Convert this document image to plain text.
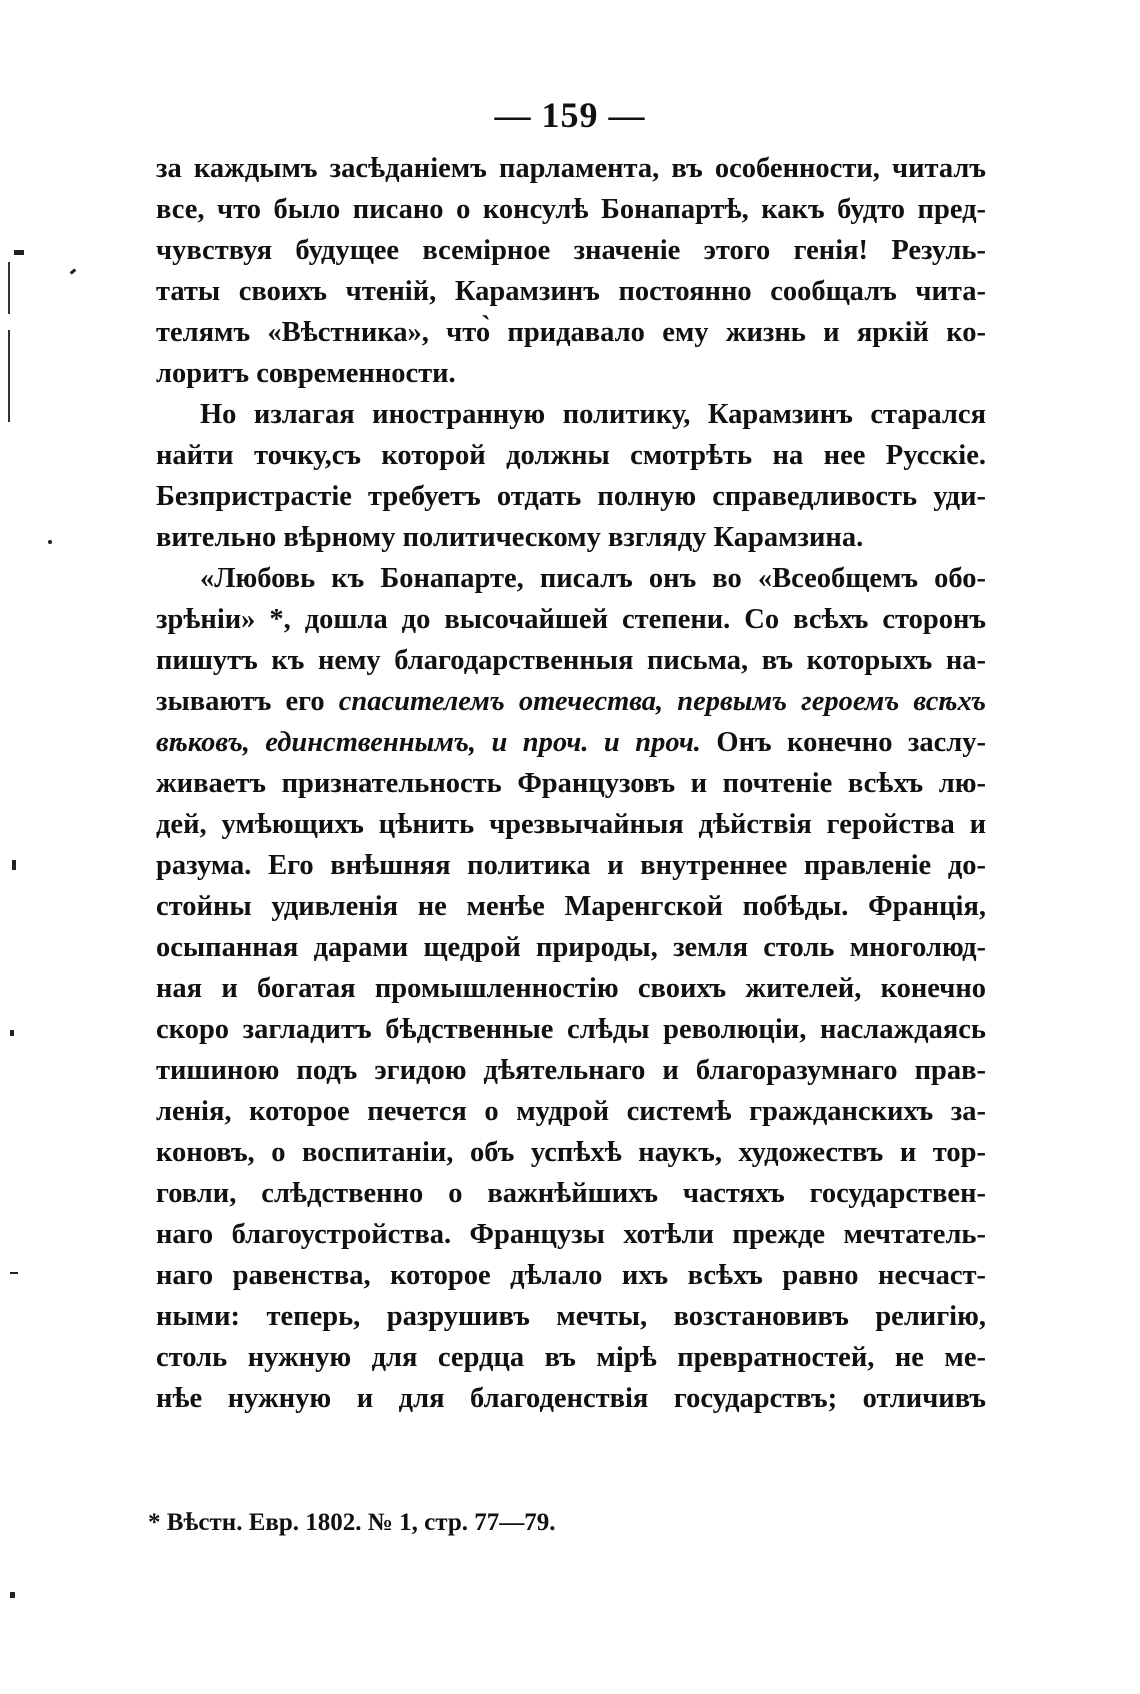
— 159 —
за каждымъ засѣданіемъ парламента, въ особенности, читалъ
все, что было писано о консулѣ Бонапартѣ, какъ будто пред-
чувствуя будущее всемірное значеніе этого генія! Резуль-
таты своихъ чтеній, Карамзинъ постоянно сообщалъ чита-
телямъ «Вѣстника», что̀ придавало ему жизнь и яркій ко-
лоритъ современности.
Но излагая иностранную политику, Карамзинъ старался
найти точку,съ которой должны смотрѣть на нее Русскіе.
Безпристрастіе требуетъ отдать полную справедливость уди-
вительно вѣрному политическому взгляду Карамзина.
«Любовь къ Бонапарте, писалъ онъ во «Всеобщемъ обо-
зрѣніи» *, дошла до высочайшей степени. Со всѣхъ сторонъ
пишутъ къ нему благодарственныя письма, въ которыхъ на-
зываютъ его спасителемъ отечества, первымъ героемъ всѣхъ
вѣковъ, единственнымъ, и проч. и проч. Онъ конечно заслу-
живаетъ признательность Французовъ и почтеніе всѣхъ лю-
дей, умѣющихъ цѣнить чрезвычайныя дѣйствія геройства и
разума. Его внѣшняя политика и внутреннее правленіе до-
стойны удивленія не менѣе Маренгской побѣды. Франція,
осыпанная дарами щедрой природы, земля столь многолюд-
ная и богатая промышленностію своихъ жителей, конечно
скоро загладитъ бѣдственные слѣды революціи, наслаждаясь
тишиною подъ эгидою дѣятельнаго и благоразумнаго прав-
ленія, которое печется о мудрой системѣ гражданскихъ за-
коновъ, о воспитаніи, объ успѣхѣ наукъ, художествъ и тор-
говли, слѣдственно о важнѣйшихъ частяхъ государствен-
наго благоустройства. Французы хотѣли прежде мечтатель-
наго равенства, которое дѣлало ихъ всѣхъ равно несчаст-
ными: теперь, разрушивъ мечты, возстановивъ религію,
столь нужную для сердца въ мірѣ превратностей, не ме-
нѣе нужную и для благоденствія государствъ; отличивъ
* Вѣстн. Евр. 1802. № 1, стр. 77—79.
